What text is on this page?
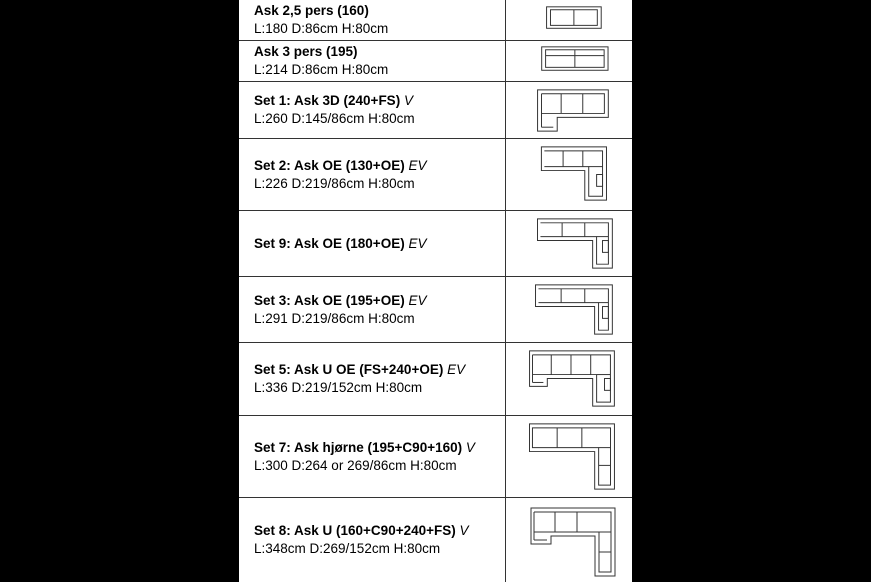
Ask 2,5 pers (160)
L:180 D:86cm H:80cm
Ask 3 pers (195)
L:214 D:86cm H:80cm
Set 1: Ask 3D (240+FS) V
L:260 D:145/86cm H:80cm
Set 2: Ask OE (130+OE) EV
L:226 D:219/86cm H:80cm
Set 9: Ask OE (180+OE) EV
Set 3: Ask OE (195+OE) EV
L:291 D:219/86cm H:80cm
Set 5: Ask U OE (FS+240+OE) EV
L:336 D:219/152cm H:80cm
Set 7: Ask hjørne (195+C90+160) V
L:300 D:264 or 269/86cm H:80cm
Set 8: Ask U (160+C90+240+FS) V
L:348cm D:269/152cm H:80cm
